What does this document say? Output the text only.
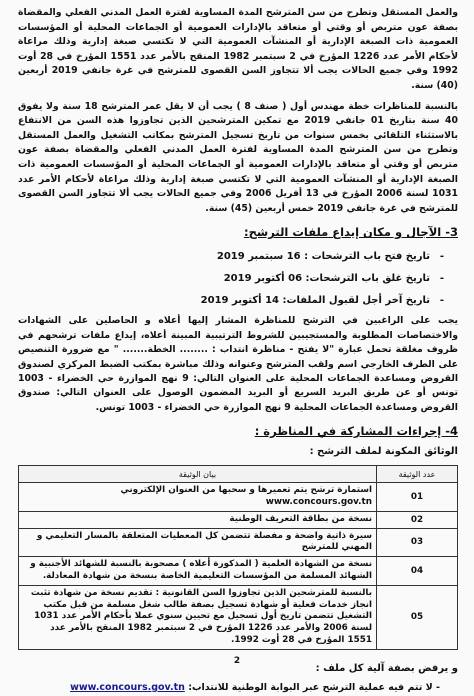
والعمل المستقل وتطرح من سن المترشح المدة المساوية لفترة العمل المدني الفعلي والمقضاة بصفة عون متربص أو وقتي أو متعاقد بالإدارات العمومية أو الجماعات المحلية أو المؤسسات العمومية ذات الصبغة الإدارية أو المنشآت العمومية التي لا تكتسي صبغة إدارية وذلك مراعاة لأحكام الأمر عدد 1226 المؤرخ في 2 سبتمبر 1982 المنقح بالأمر عدد 1551 المؤرخ في 28 أوت 1992 وفي جميع الحالات يجب ألا تتجاوز السن القصوى للمترشح في غرة جانفي 2019 أربعين (40) سنة.

بالنسبة للمناظرات خطة مهندس أول ( صنف 8 ) يجب أن لا يقل عمر المترشح 18 سنة ولا يفوق 40 سنة بتاريخ 01 جانفي 2019 مع تمكين المترشحين الذين تجاوزوا هذه السن من الانتفاع بالاستثناء التلقائي بخمس سنوات من تاريخ تسجيل المترشح بمكاتب التشغيل والعمل المستقل وتطرح من سن المترشح المدة المساوية لفترة العمل المدني الفعلي والمقضاة بصفة عون متربص أو وقتي أو متعاقد بالإدارات العمومية أو الجماعات المحلية أو المؤسسات العمومية ذات الصبغة الإدارية أو المنشآت العمومية التي لا تكتسي صبغة إدارية وذلك مراعاة لأحكام الأمر عدد 1031 لسنة 2006 المؤرخ في 13 أفريل 2006 وفي جميع الحالات يجب ألا تتجاوز السن القصوى للمترشح في غرة جانفي 2019 خمس أربعين (45) سنة.

3- الآجال و مكان إيداع ملفات الترشح:
-
تاريخ فتح باب الترشحات : 16 سبتمبر 2019
-
تاريخ غلق باب الترشحات: 06 أكتوبر 2019
-
تاريخ آخر أجل لقبول الملفات: 14 أكتوبر 2019

يجب على الراغبين في الترشح للمناظرة المشار إليها أعلاه و الحاصلين على الشهادات والاختصاصات المطلوبة والمستجيبين للشروط الترتيبية المبينة أعلاه، إيداع ملفات ترشحهم في ظروف مغلقة تحمل عبارة "لا يفتح - مناظرة انتداب : ........ الخطة....... " مع ضرورة التنصيص على الطرف الخارجي اسم ولقب المترشح وعنوانه وذلك مباشرة بمكتب الضبط المركزي لصندوق القروض ومساعدة الجماعات المحلية على العنوان التالي: 9 نهج الموازرة حي الخضراء - 1003 تونس أو عن طريق البريد السريع أو البريد المضمون الوصول على العنوان التالي: صندوق القروض ومساعدة الجماعات المحلية 9 نهج الموازرة حي الخضراء - 1003 تونس.

4- إجراءات المشاركة في المناظرة :
الوثائق المكونة لملف الترشح :
عدد الوثيقة	بيان الوثيقة
01	استمارة ترشح يتم تعميرها و سحبها من العنوان الإلكتروني www.concours.gov.tn
02	نسخة من بطاقة التعريف الوطنية
03	سيرة ذاتية واضحة و مفصلة تتضمن كل المعطيات المتعلقة بالمسار التعليمي و المهني للمترشح
04	نسخة من الشهادة العلمية ( المذكورة أعلاه ) مصحوبة بالنسبة للشهائد الأجنبية و الشهائد المسلمة من المؤسسات التعليمية الخاصة بنسخة من شهادة المعادلة.
05	بالنسبة للمترشحين الذين تجاوزوا السن القانونية : تقديم نسخة من شهادة تثبت انجاز خدمات فعلية أو شهادة تسجيل بصفة طالب شغل مسلمة من قبل مكتب التشغيل تتضمن تاريخ أول تسجيل مع تحيين سنوي عملا بأحكام الأمر عدد 1031 لسنة 2006 والأمر عدد 1226 المؤرخ في 2 سبتمبر 1982 المنقح بالأمر عدد 1551 المؤرخ في 28 أوت 1992.
و يرفض بصفة آلية كل ملف :
- لا تتم فيه عملية الترشح عبر البوابة الوطنية للانتداب: www.concours.gov.tn
2
